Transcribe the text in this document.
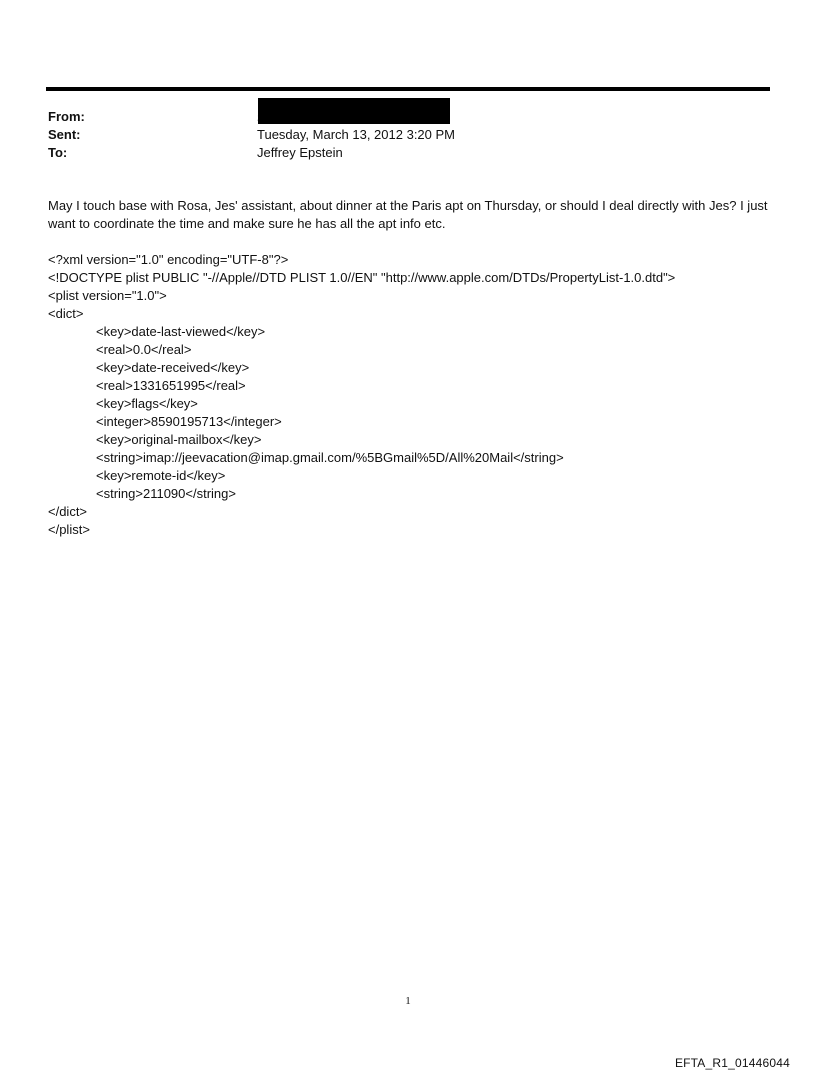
From:
Sent:	Tuesday, March 13, 2012 3:20 PM
To:	Jeffrey Epstein

May I touch base with Rosa, Jes' assistant, about dinner at the Paris apt on Thursday, or should I deal directly with Jes? I just want to coordinate the time and make sure he has all the apt info etc.

<?xml version="1.0" encoding="UTF-8"?>
<!DOCTYPE plist PUBLIC "-//Apple//DTD PLIST 1.0//EN" "http://www.apple.com/DTDs/PropertyList-1.0.dtd">
<plist version="1.0">
<dict>
<key>date-last-viewed</key>
<real>0.0</real>
<key>date-received</key>
<real>1331651995</real>
<key>flags</key>
<integer>8590195713</integer>
<key>original-mailbox</key>
<string>imap://jeevacation@imap.gmail.com/%5BGmail%5D/All%20Mail</string>
<key>remote-id</key>
<string>211090</string>
</dict>
</plist>
1
EFTA_R1_01446044
